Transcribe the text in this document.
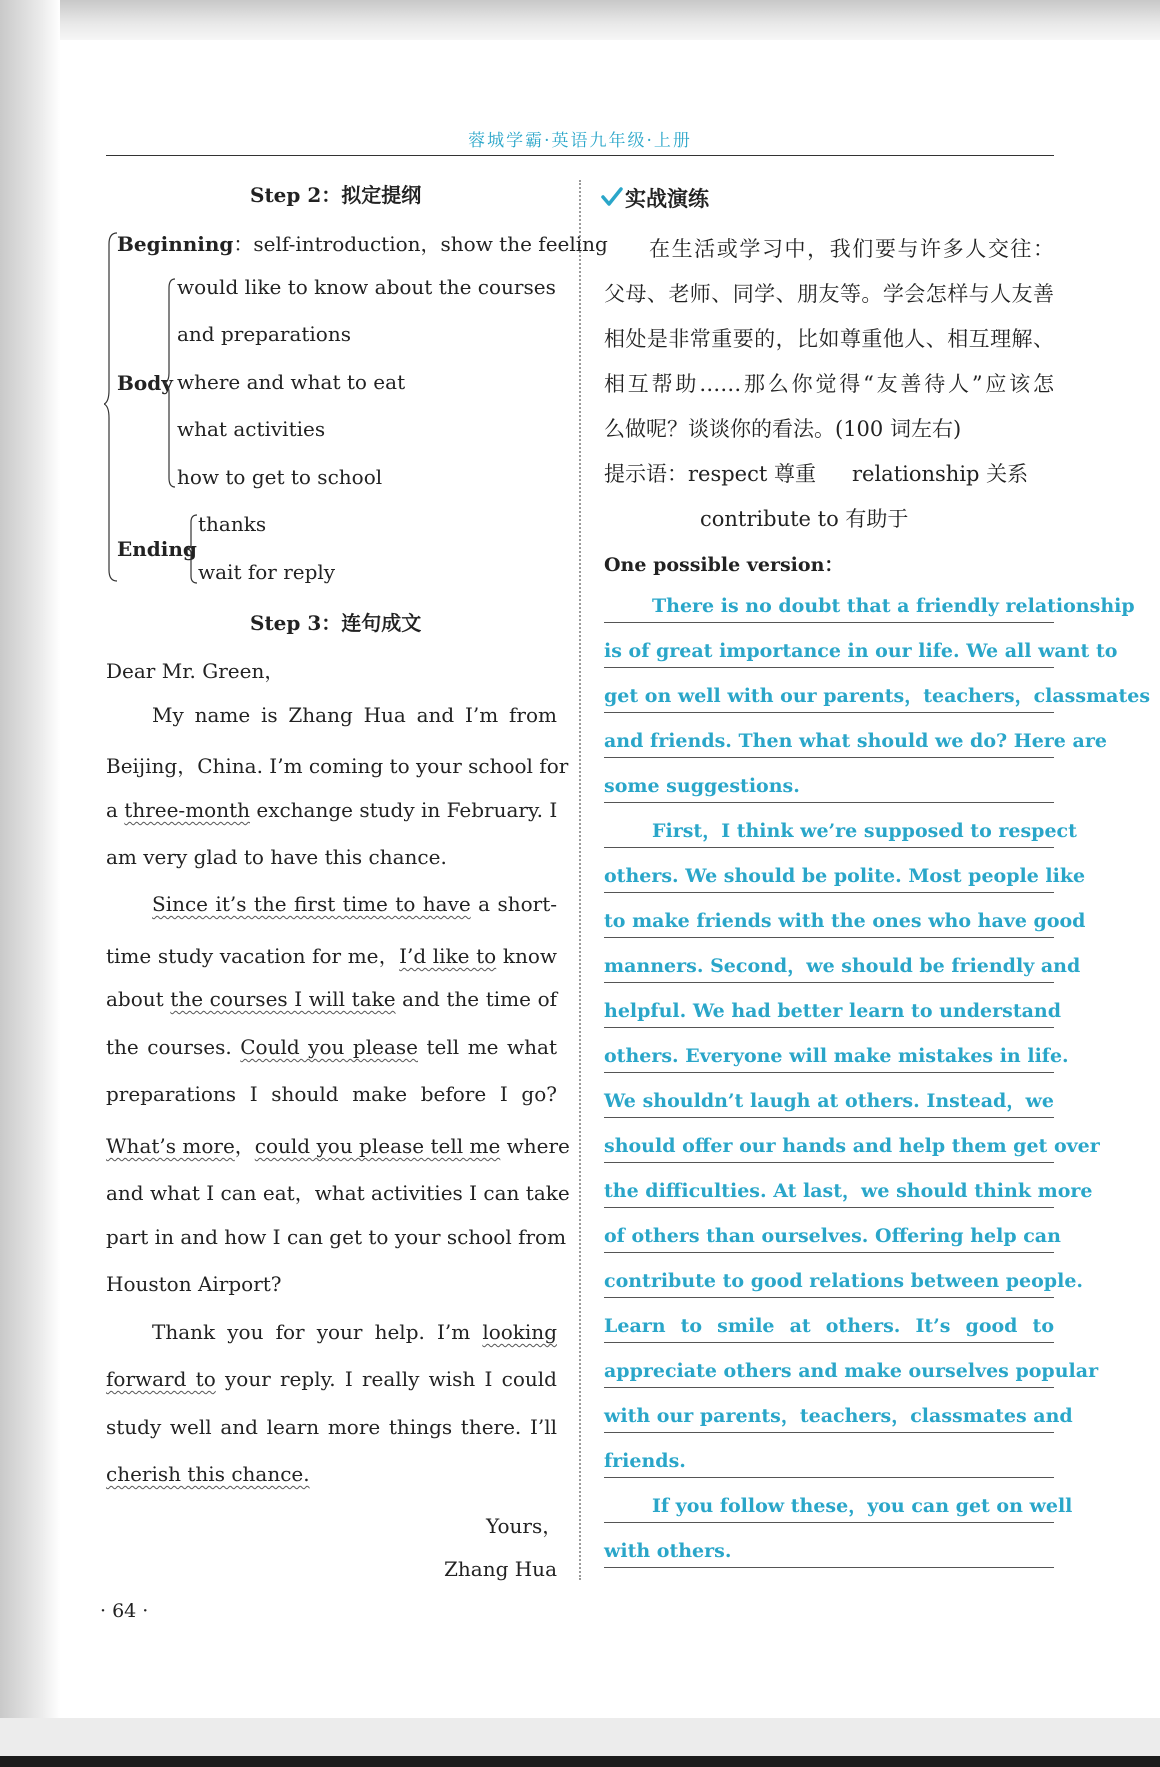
蓉城学霸·英语九年级·上册
Step 2：拟定提纲
Beginning：self-introduction，show the feeling
Body
would like to know about the courses
and preparations
where and what to eat
what activities
how to get to school
Ending
thanks
wait for reply
Step 3：连句成文
Dear Mr. Green，
My name is Zhang Hua and I’m from
Beijing，China. I’m coming to your school for
a three-month exchange study in February. I
am very glad to have this chance.
Since it’s the first time to have a short-
time study vacation for me，I’d like to know
about the courses I will take and the time of
the courses. Could you please tell me what
preparations I should make before I go?
What’s more，could you please tell me where
and what I can eat，what activities I can take
part in and how I can get to your school from
Houston Airport?
Thank you for your help. I’m looking
forward to your reply. I really wish I could
study well and learn more things there. I’ll
cherish this chance.
Yours，
Zhang Hua
· 64 ·
实战演练
在生活或学习中，我们要与许多人交往：
父母、老师、同学、朋友等。学会怎样与人友善
相处是非常重要的，比如尊重他人、相互理解、
相互帮助……那么你觉得“友善待人”应该怎
么做呢？谈谈你的看法。(100 词左右)
提示语：respect 尊重 relationship 关系
contribute to 有助于
One possible version：
There is no doubt that a friendly relationship
is of great importance in our life. We all want to
get on well with our parents，teachers，classmates
and friends. Then what should we do? Here are
some suggestions.
First，I think we’re supposed to respect
others. We should be polite. Most people like
to make friends with the ones who have good
manners. Second，we should be friendly and
helpful. We had better learn to understand
others. Everyone will make mistakes in life.
We shouldn’t laugh at others. Instead，we
should offer our hands and help them get over
the difficulties. At last，we should think more
of others than ourselves. Offering help can
contribute to good relations between people.
Learn to smile at others. It’s good to
appreciate others and make ourselves popular
with our parents，teachers，classmates and
friends.
If you follow these，you can get on well
with others.
